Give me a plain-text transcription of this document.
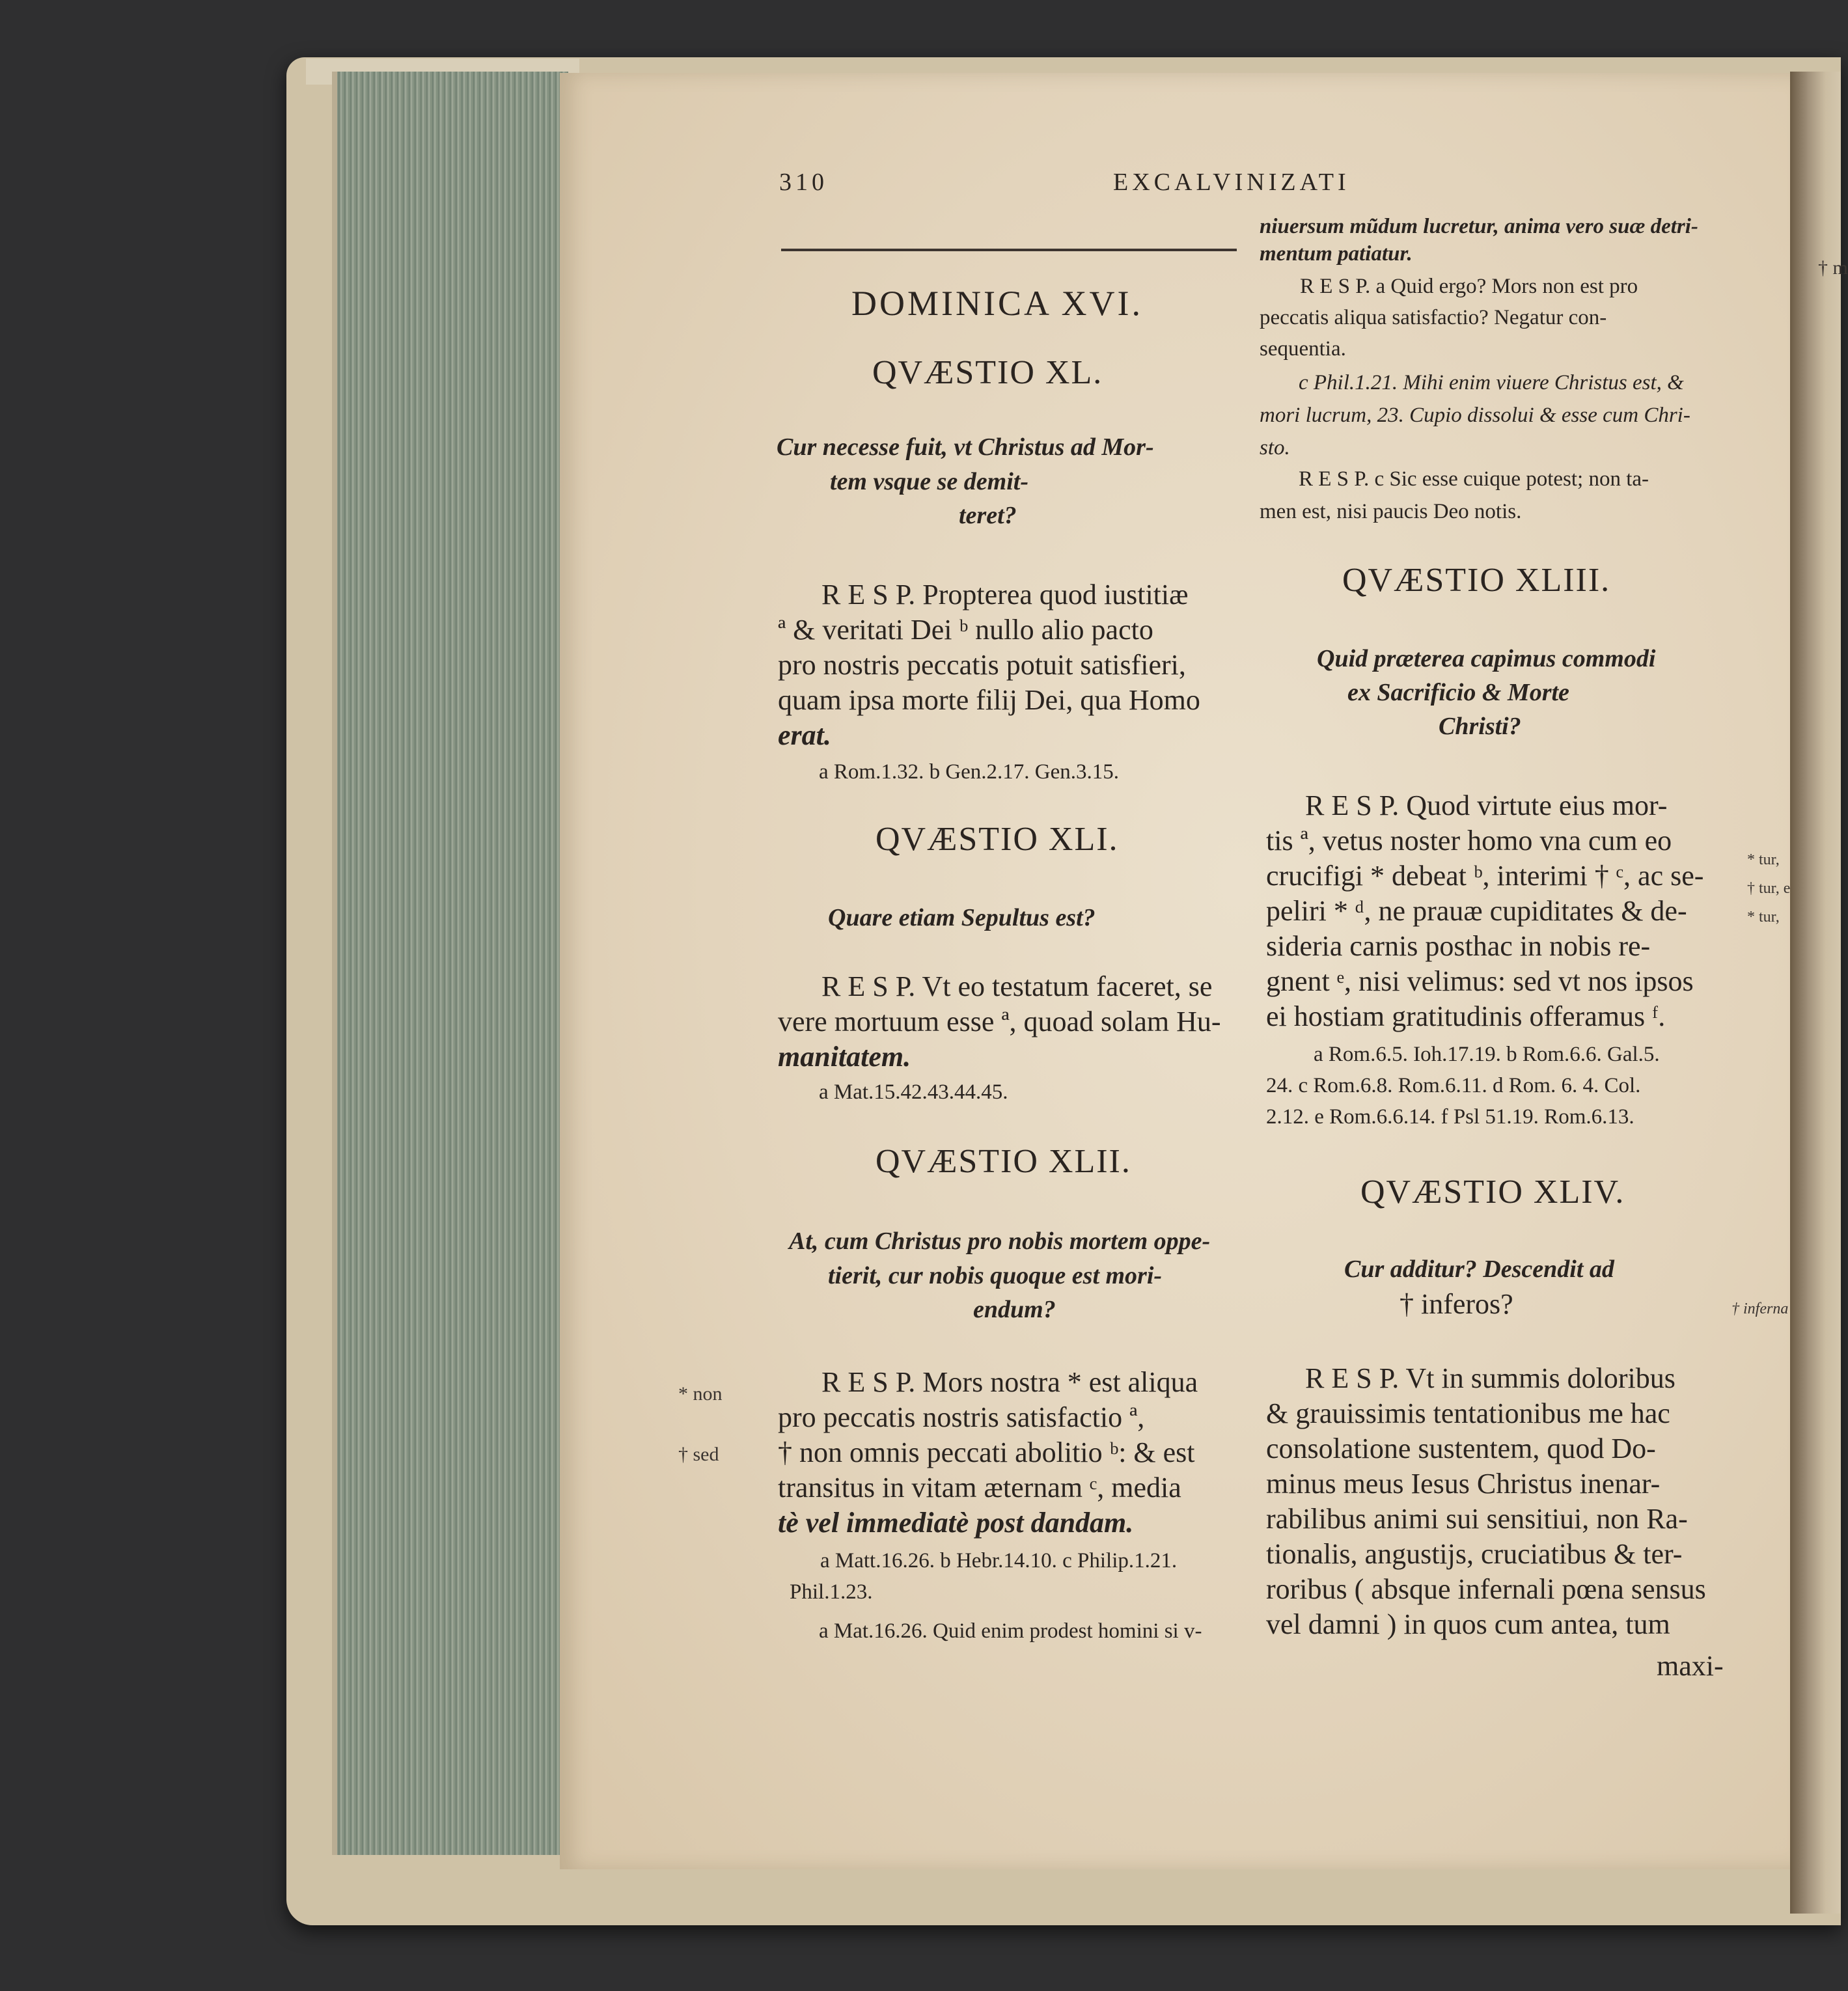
310	EXCALVINIZATI
DOMINICA XVI.
QVÆSTIO XL.
Cur necesse fuit, vt Christus ad Mor-
tem vsque se demit-
teret?
R E S P. Propterea quod iustitiæ
ª & veritati Dei ᵇ nullo alio pacto
pro nostris peccatis potuit satisfieri,
quam ipsa morte filij Dei, qua Homo
erat.
a Rom.1.32. b Gen.2.17. Gen.3.15.
QVÆSTIO XLI.
Quare etiam Sepultus est?
R E S P. Vt eo testatum faceret, se
vere mortuum esse ª, quoad solam Hu-
manitatem.
a Mat.15.42.43.44.45.
QVÆSTIO XLII.
At, cum Christus pro nobis mortem oppe-
tierit, cur nobis quoque est mori-
endum?
R E S P. Mors nostra * est aliqua
pro peccatis nostris satisfactio ª,
† non omnis peccati abolitio ᵇ: & est
transitus in vitam æternam ᶜ, media
tè vel immediatè post dandam.
a Matt.16.26. b Hebr.14.10. c Philip.1.21.
Phil.1.23.
a Mat.16.26. Quid enim prodest homini si v-
* non
† sed
niuersum mũdum lucretur, anima vero suæ detri-
mentum patiatur.
R E S P. a Quid ergo? Mors non est pro
peccatis aliqua satisfactio? Negatur con-
sequentia.
c Phil.1.21. Mihi enim viuere Christus est, &
mori lucrum, 23. Cupio dissolui & esse cum Chri-
sto.
R E S P. c Sic esse cuique potest; non ta-
men est, nisi paucis Deo notis.
QVÆSTIO XLIII.
Quid præterea capimus commodi
ex Sacrificio & Morte
Christi?
R E S P. Quod virtute eius mor-
tis ª, vetus noster homo vna cum eo
crucifigi * debeat ᵇ, interimi † ᶜ, ac se-
peliri * ᵈ, ne prauæ cupiditates & de-
sideria carnis posthac in nobis re-
gnent ᵉ, nisi velimus: sed vt nos ipsos
ei hostiam gratitudinis offeramus ᶠ.
a Rom.6.5. Ioh.17.19. b Rom.6.6. Gal.5.
24. c Rom.6.8. Rom.6.11. d Rom. 6. 4. Col.
2.12. e Rom.6.6.14. f Psl 51.19. Rom.6.13.
QVÆSTIO XLIV.
Cur additur? Descendit ad
† inferos?
R E S P. Vt in summis doloribus
& grauissimis tentationibus me hac
consolatione sustentem, quod Do-
minus meus Iesus Christus inenar-
rabilibus animi sui sensitiui, non Ra-
tionalis, angustijs, cruciatibus & ter-
roribus ( absque infernali pœna sensus
vel damni ) in quos cum antea, tum
maxi-
† m
* tur,
† tur, e
* tur,
† inferna
